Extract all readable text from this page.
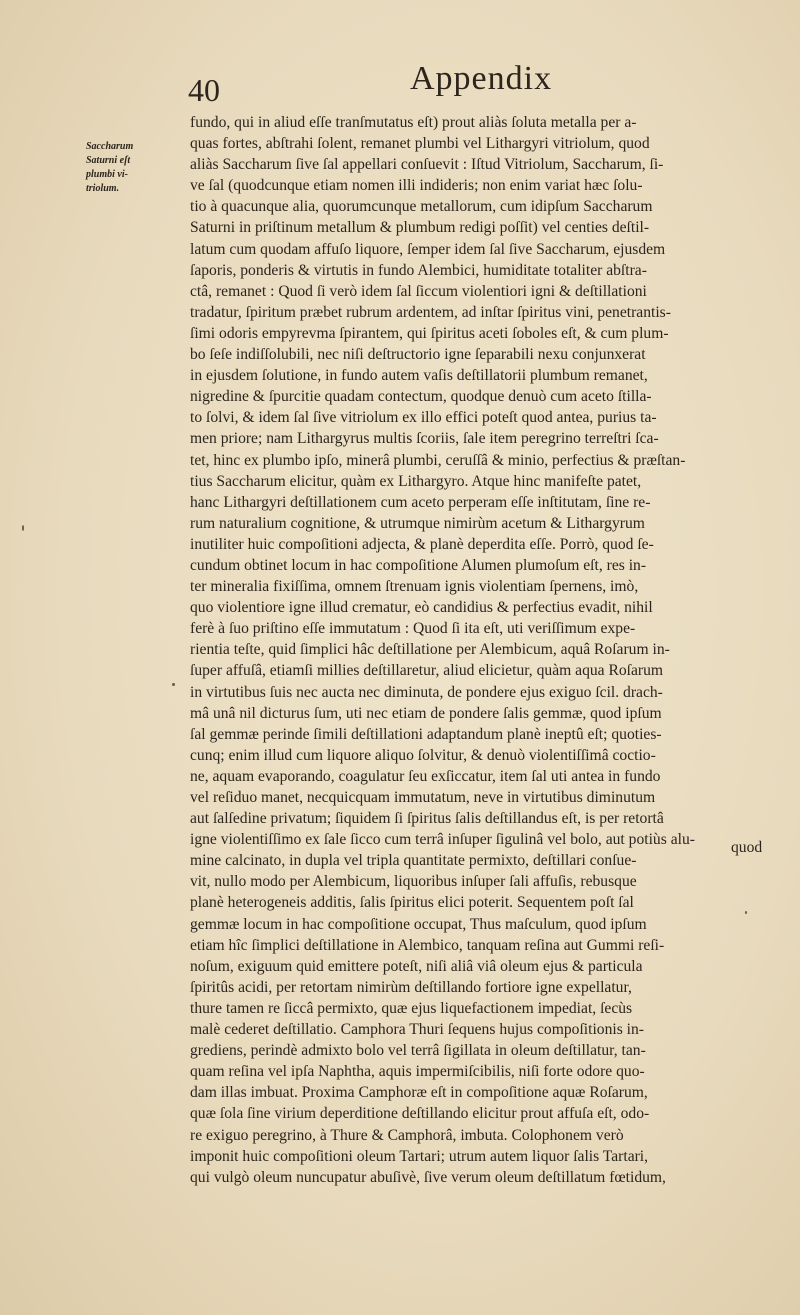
40	Appendix
Saccharum
Saturni eſt
plumbi vi-
triolum.
fundo, qui in aliud eſſe tranſmutatus eſt) prout aliàs ſoluta metalla per a-
quas fortes, abſtrahi ſolent, remanet plumbi vel Lithargyri vitriolum, quod
aliàs Saccharum ſive ſal appellari conſuevit : Iſtud Vitriolum, Saccharum, ſi-
ve ſal (quodcunque etiam nomen illi indideris; non enim variat hæc ſolu-
tio à quacunque alia, quorumcunque metallorum, cum idipſum Saccharum
Saturni in priſtinum metallum & plumbum redigi poſſit) vel centies deſtil-
latum cum quodam affuſo liquore, ſemper idem ſal ſive Saccharum, ejusdem
ſaporis, ponderis & virtutis in fundo Alembici, humiditate totaliter abſtra-
ctâ, remanet : Quod ſi verò idem ſal ſiccum violentiori igni & deſtillationi
tradatur, ſpiritum præbet rubrum ardentem, ad inſtar ſpiritus vini, penetrantis-
ſimi odoris empyrevma ſpirantem, qui ſpiritus aceti ſoboles eſt, & cum plum-
bo ſeſe indiſſolubili, nec niſi deſtructorio igne ſeparabili nexu conjunxerat
in ejusdem ſolutione, in fundo autem vaſis deſtillatorii plumbum remanet,
nigredine & ſpurcitie quadam contectum, quodque denuò cum aceto ſtilla-
to ſolvi, & idem ſal ſive vitriolum ex illo effici poteſt quod antea, purius ta-
men priore; nam Lithargyrus multis ſcoriis, ſale item peregrino terreſtri ſca-
tet, hinc ex plumbo ipſo, minerâ plumbi, ceruſſâ & minio, perfectius & præſtan-
tius Saccharum elicitur, quàm ex Lithargyro. Atque hinc manifeſte patet,
hanc Lithargyri deſtillationem cum aceto perperam eſſe inſtitutam, ſine re-
rum naturalium cognitione, & utrumque nimirùm acetum & Lithargyrum
inutiliter huic compoſitioni adjecta, & planè deperdita eſſe. Porrò, quod ſe-
cundum obtinet locum in hac compoſitione Alumen plumoſum eſt, res in-
ter mineralia fixiſſima, omnem ſtrenuam ignis violentiam ſpernens, imò,
quo violentiore igne illud crematur, eò candidius & perfectius evadit, nihil
ferè à ſuo priſtino eſſe immutatum : Quod ſi ita eſt, uti veriſſimum expe-
rientia teſte, quid ſimplici hâc deſtillatione per Alembicum, aquâ Roſarum in-
ſuper affuſâ, etiamſi millies deſtillaretur, aliud elicietur, quàm aqua Roſarum
in virtutibus ſuis nec aucta nec diminuta, de pondere ejus exiguo ſcil. drach-
mâ unâ nil dicturus ſum, uti nec etiam de pondere ſalis gemmæ, quod ipſum
ſal gemmæ perinde ſimili deſtillationi adaptandum planè ineptû eſt; quoties-
cunq; enim illud cum liquore aliquo ſolvitur, & denuò violentiſſimâ coctio-
ne, aquam evaporando, coagulatur ſeu exſiccatur, item ſal uti antea in fundo
vel reſiduo manet, necquicquam immutatum, neve in virtutibus diminutum
aut ſalſedine privatum; ſiquidem ſi ſpiritus ſalis deſtillandus eſt, is per retortâ
igne violentiſſimo ex ſale ſicco cum terrâ inſuper ſigulinâ vel bolo, aut potiùs alu-
mine calcinato, in dupla vel tripla quantitate permixto, deſtillari conſue-
vit, nullo modo per Alembicum, liquoribus inſuper ſali affuſis, rebusque
planè heterogeneis additis, ſalis ſpiritus elici poterit. Sequentem poſt ſal
gemmæ locum in hac compoſitione occupat, Thus maſculum, quod ipſum
etiam hîc ſimplici deſtillatione in Alembico, tanquam reſina aut Gummi reſi-
noſum, exiguum quid emittere poteſt, niſi aliâ viâ oleum ejus & particula
ſpiritûs acidi, per retortam nimirùm deſtillando fortiore igne expellatur,
thure tamen re ſiccâ permixto, quæ ejus liquefactionem impediat, ſecùs
malè cederet deſtillatio. Camphora Thuri ſequens hujus compoſitionis in-
grediens, perindè admixto bolo vel terrâ ſigillata in oleum deſtillatur, tan-
quam reſina vel ipſa Naphtha, aquis impermiſcibilis, niſi forte odore quo-
dam illas imbuat. Proxima Camphoræ eſt in compoſitione aquæ Roſarum,
quæ ſola ſine virium deperditione deſtillando elicitur prout affuſa eſt, odo-
re exiguo peregrino, à Thure & Camphorâ, imbuta. Colophonem verò
imponit huic compoſitioni oleum Tartari; utrum autem liquor ſalis Tartari,
qui vulgò oleum nuncupatur abuſivè, ſive verum oleum deſtillatum fœtidum,
quod
